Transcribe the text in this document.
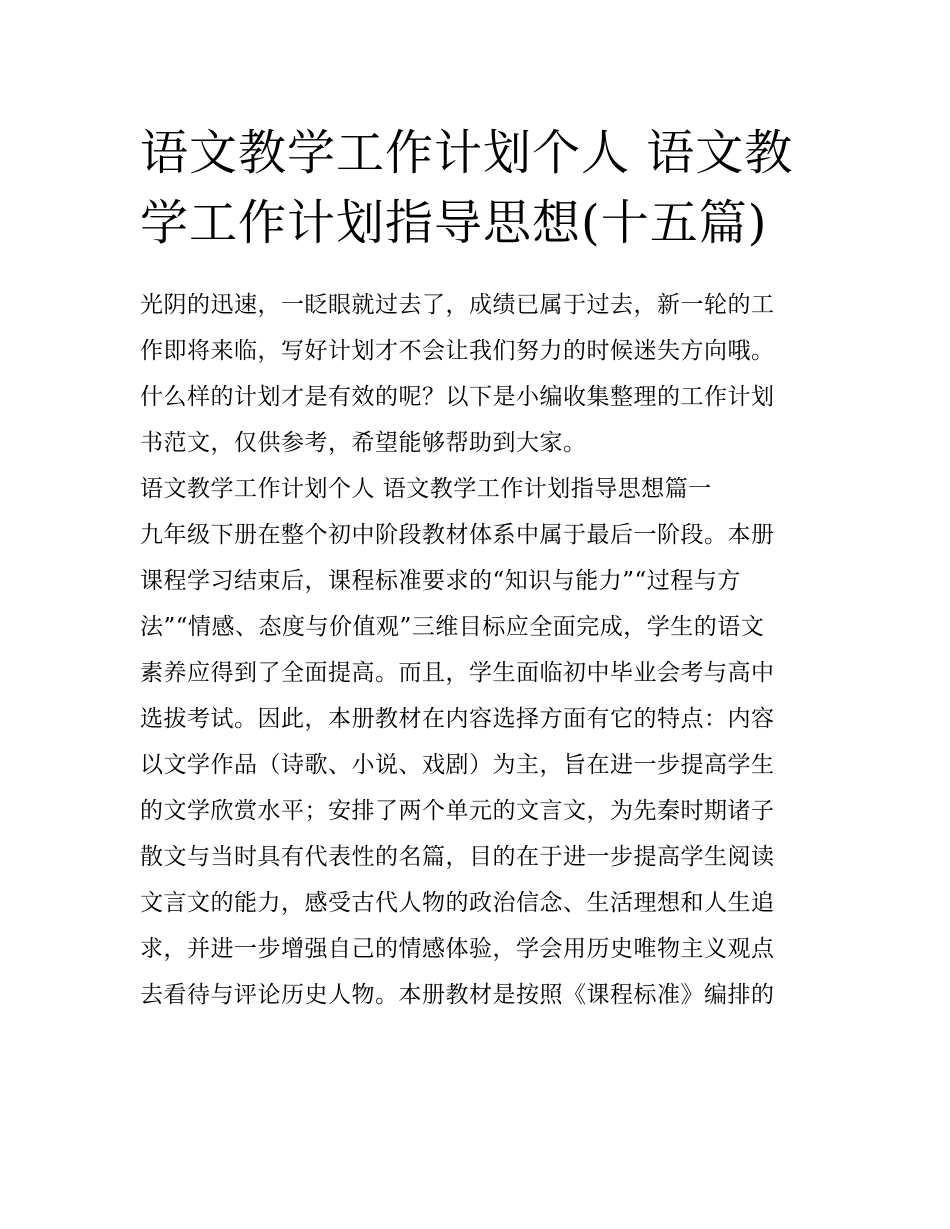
语文教学工作计划个人 语文教
学工作计划指导思想(十五篇)
光阴的迅速，一眨眼就过去了，成绩已属于过去，新一轮的工
作即将来临，写好计划才不会让我们努力的时候迷失方向哦。
什么样的计划才是有效的呢？以下是小编收集整理的工作计划
书范文，仅供参考，希望能够帮助到大家。
语文教学工作计划个人 语文教学工作计划指导思想篇一
九年级下册在整个初中阶段教材体系中属于最后一阶段。本册
课程学习结束后，课程标准要求的“知识与能力”“过程与方
法”“情感、态度与价值观”三维目标应全面完成，学生的语文
素养应得到了全面提高。而且，学生面临初中毕业会考与高中
选拔考试。因此，本册教材在内容选择方面有它的特点：内容
以文学作品（诗歌、小说、戏剧）为主，旨在进一步提高学生
的文学欣赏水平；安排了两个单元的文言文，为先秦时期诸子
散文与当时具有代表性的名篇，目的在于进一步提高学生阅读
文言文的能力，感受古代人物的政治信念、生活理想和人生追
求，并进一步增强自己的情感体验，学会用历史唯物主义观点
去看待与评论历史人物。本册教材是按照《课程标准》编排的
